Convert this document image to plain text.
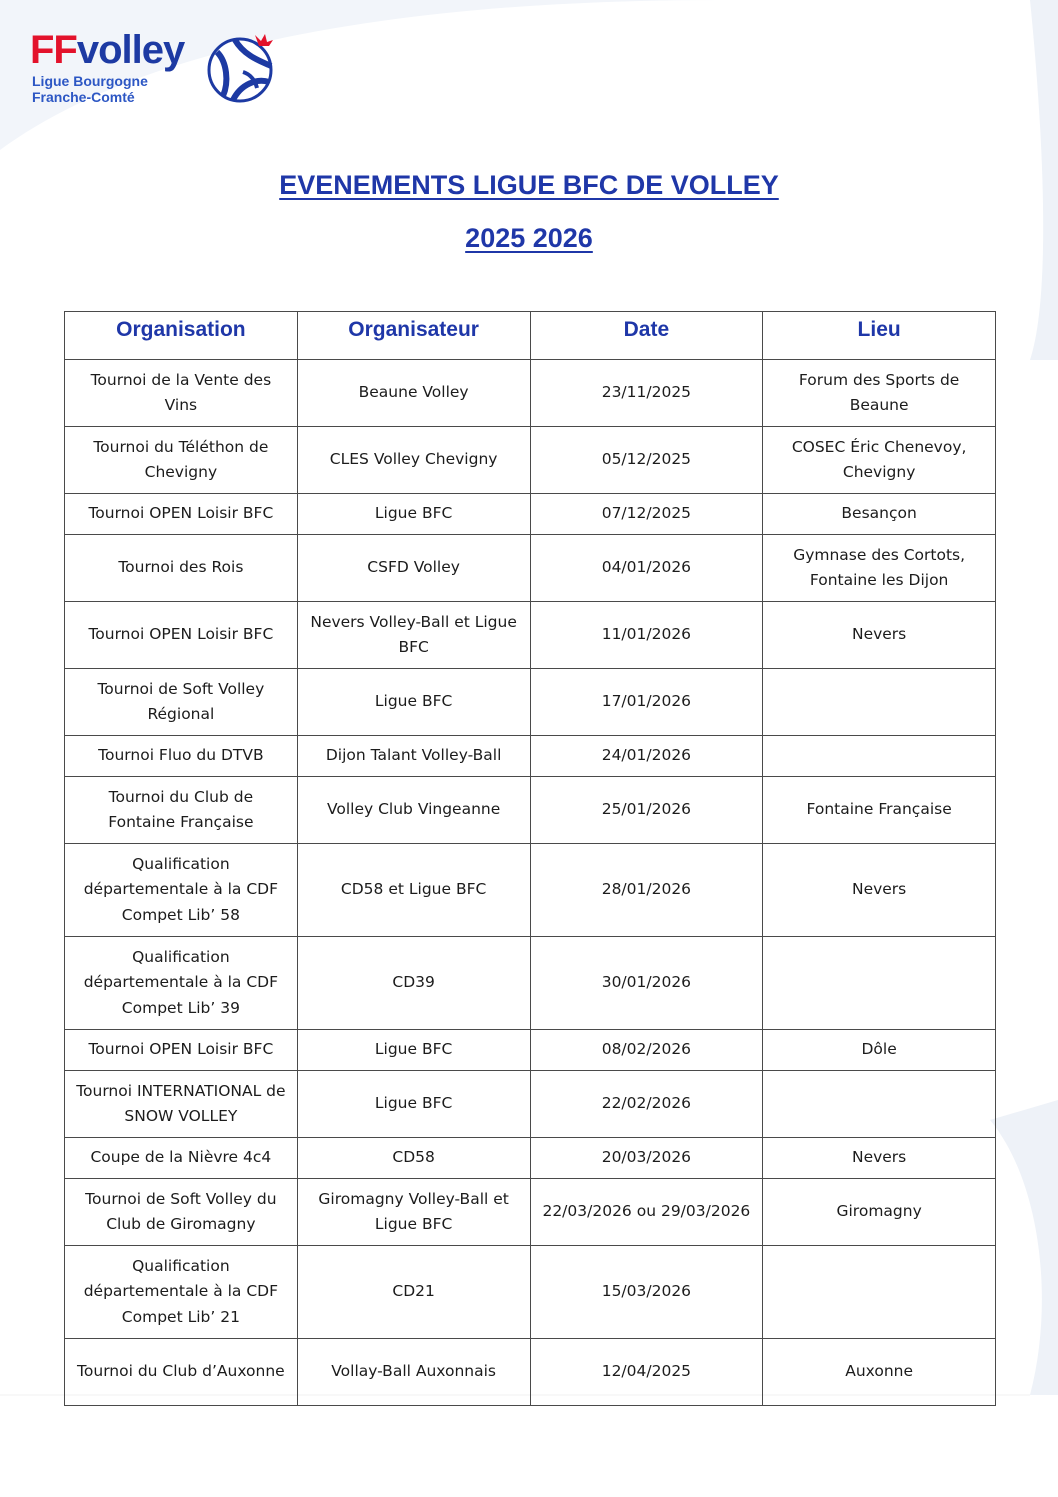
FFvolley
Ligue Bourgogne
Franche-Comté
EVENEMENTS LIGUE BFC DE VOLLEY
2025 2026
Organisation	Organisateur	Date	Lieu
Tournoi de la Vente des Vins	Beaune Volley	23/11/2025	Forum des Sports de Beaune
Tournoi du Téléthon de Chevigny	CLES Volley Chevigny	05/12/2025	COSEC Éric Chenevoy, Chevigny
Tournoi OPEN Loisir BFC	Ligue BFC	07/12/2025	Besançon
Tournoi des Rois	CSFD Volley	04/01/2026	Gymnase des Cortots, Fontaine les Dijon
Tournoi OPEN Loisir BFC	Nevers Volley-Ball et Ligue BFC	11/01/2026	Nevers
Tournoi de Soft Volley Régional	Ligue BFC	17/01/2026	
Tournoi Fluo du DTVB	Dijon Talant Volley-Ball	24/01/2026	
Tournoi du Club de Fontaine Française	Volley Club Vingeanne	25/01/2026	Fontaine Française
Qualification départementale à la CDF Compet Lib’ 58	CD58 et Ligue BFC	28/01/2026	Nevers
Qualification départementale à la CDF Compet Lib’ 39	CD39	30/01/2026	
Tournoi OPEN Loisir BFC	Ligue BFC	08/02/2026	Dôle
Tournoi INTERNATIONAL de SNOW VOLLEY	Ligue BFC	22/02/2026	
Coupe de la Nièvre 4c4	CD58	20/03/2026	Nevers
Tournoi de Soft Volley du Club de Giromagny	Giromagny Volley-Ball et Ligue BFC	22/03/2026 ou 29/03/2026	Giromagny
Qualification départementale à la CDF Compet Lib’ 21	CD21	15/03/2026	
Tournoi du Club d’Auxonne	Vollay-Ball Auxonnais	12/04/2025	Auxonne
